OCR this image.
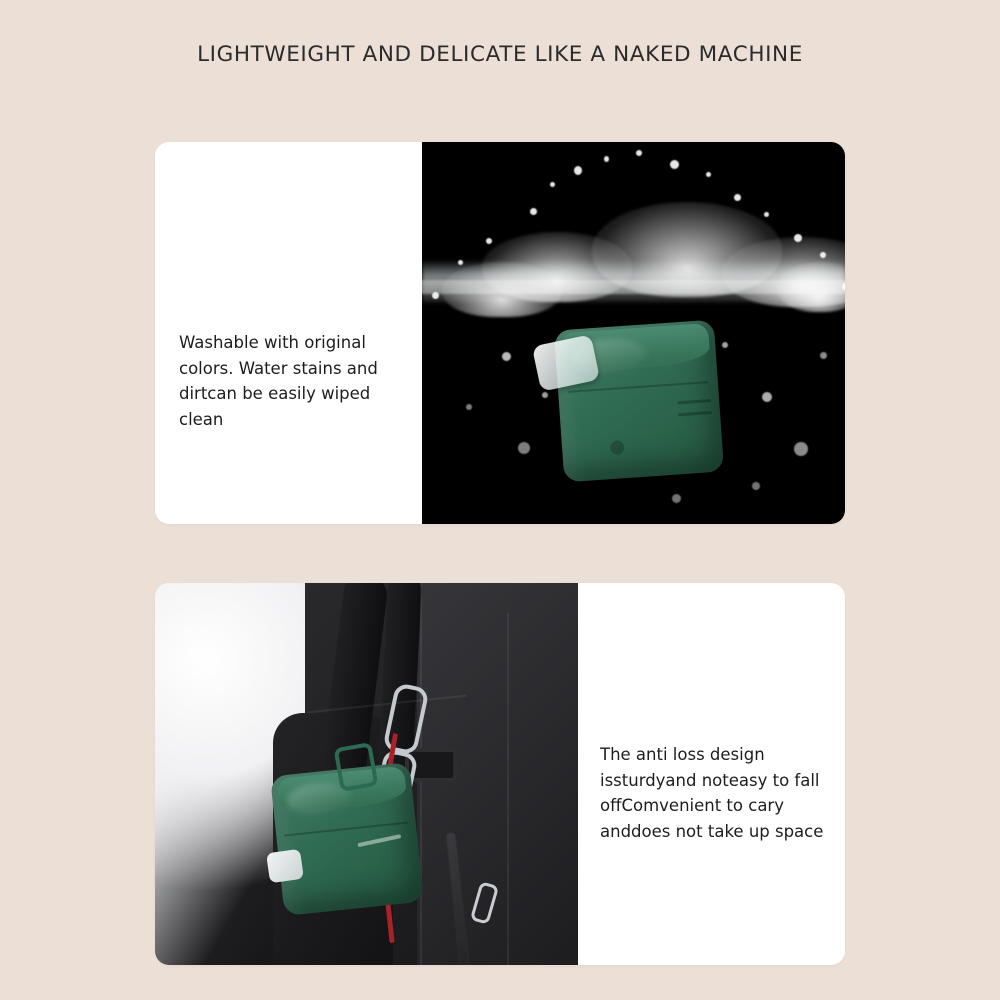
LIGHTWEIGHT AND DELICATE LIKE A NAKED MACHINE
Washable with original colors. Water stains and dirtcan be easily wiped clean
The anti loss design issturdyand noteasy to fall offComvenient to cary anddoes not take up space
